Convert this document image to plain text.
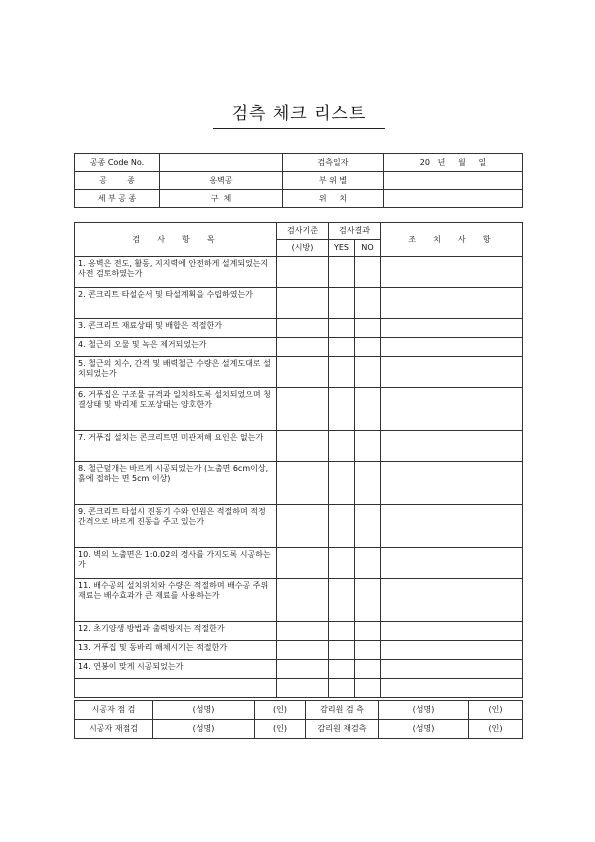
검측 체크 리스트
공종 Code No.		검측일자	20   년     월     일
공        종	옹벽공	부 위 별	
세 부 공 종	구  체	위     치	
검  사  항  목	검사기준	검사결과		조  치  사  항
	(시방)	YES	NO	
1. 옹벽은 전도, 활동, 지지력에 안전하게 설계되었는지 사전 검토하였는가				
2. 콘크리트 타설순서 및 타설계획을 수립하였는가				
3. 콘크리트 재료상태 및 배합은 적절한가				
4. 철근의 오물 및 녹은 제거되었는가				
5. 철근의 치수, 간격 및 배력철근 수량은 설계도대로 설치되었는가				
6. 거푸집은 구조물 규격과 일치하도록 설치되었으며 청결상태 및 박리제 도포상태는 양호한가				
7. 거푸집 설치는 콘크리트면 미관저해 요인은 없는가				
8. 철근덮개는 바르게 시공되었는가 (노출면 6cm이상, 흙에 접하는 면 5cm 이상)				
9. 콘크리트 타설시 진동기 수와 인원은 적절하며 적정간격으로 바르게 진동을 주고 있는가				
10. 벽의 노출면은 1:0.02의 경사를 가지도록 시공하는가				
11. 배수공의 설치위치와 수량은 적절하며 배수공 주위재료는 배수효과가 큰 재료를 사용하는가				
12. 초기양생 방법과 출력방지는 적절한가				
13. 거푸집 및 동바리 해체시기는 적절한가				
14. 연봉이 맞게 시공되었는가				

시공자 점 검	(성명)	(인)	감리원 검 측	(성명)	(인)
시공자 재점검	(성명)	(인)	감리원 재검측	(성명)	(인)
